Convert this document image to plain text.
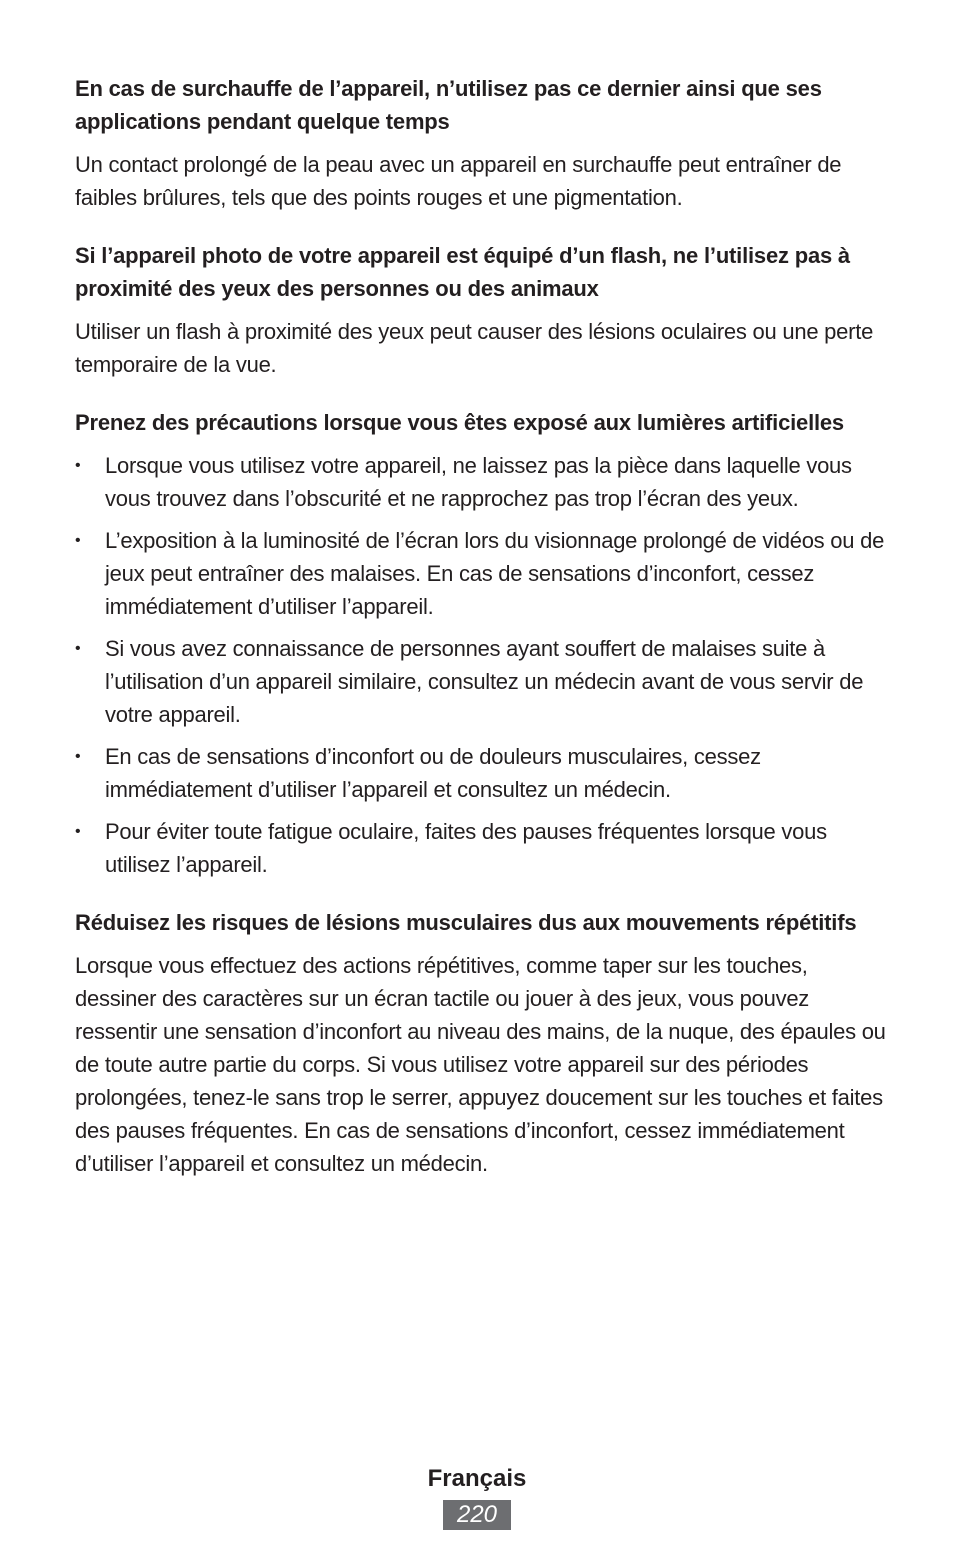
En cas de surchauffe de l’appareil, n’utilisez pas ce dernier ainsi que ses applications pendant quelque temps

Un contact prolongé de la peau avec un appareil en surchauffe peut entraîner de faibles brûlures, tels que des points rouges et une pigmentation.

Si l’appareil photo de votre appareil est équipé d’un flash, ne l’utilisez pas à proximité des yeux des personnes ou des animaux

Utiliser un flash à proximité des yeux peut causer des lésions oculaires ou une perte temporaire de la vue.

Prenez des précautions lorsque vous êtes exposé aux lumières artificielles

• Lorsque vous utilisez votre appareil, ne laissez pas la pièce dans laquelle vous vous trouvez dans l’obscurité et ne rapprochez pas trop l’écran des yeux.
• L’exposition à la luminosité de l’écran lors du visionnage prolongé de vidéos ou de jeux peut entraîner des malaises. En cas de sensations d’inconfort, cessez immédiatement d’utiliser l’appareil.
• Si vous avez connaissance de personnes ayant souffert de malaises suite à l’utilisation d’un appareil similaire, consultez un médecin avant de vous servir de votre appareil.
• En cas de sensations d’inconfort ou de douleurs musculaires, cessez immédiatement d’utiliser l’appareil et consultez un médecin.
• Pour éviter toute fatigue oculaire, faites des pauses fréquentes lorsque vous utilisez l’appareil.

Réduisez les risques de lésions musculaires dus aux mouvements répétitifs

Lorsque vous effectuez des actions répétitives, comme taper sur les touches, dessiner des caractères sur un écran tactile ou jouer à des jeux, vous pouvez ressentir une sensation d’inconfort au niveau des mains, de la nuque, des épaules ou de toute autre partie du corps. Si vous utilisez votre appareil sur des périodes prolongées, tenez-le sans trop le serrer, appuyez doucement sur les touches et faites des pauses fréquentes. En cas de sensations d’inconfort, cessez immédiatement d’utiliser l’appareil et consultez un médecin.

Français
220
